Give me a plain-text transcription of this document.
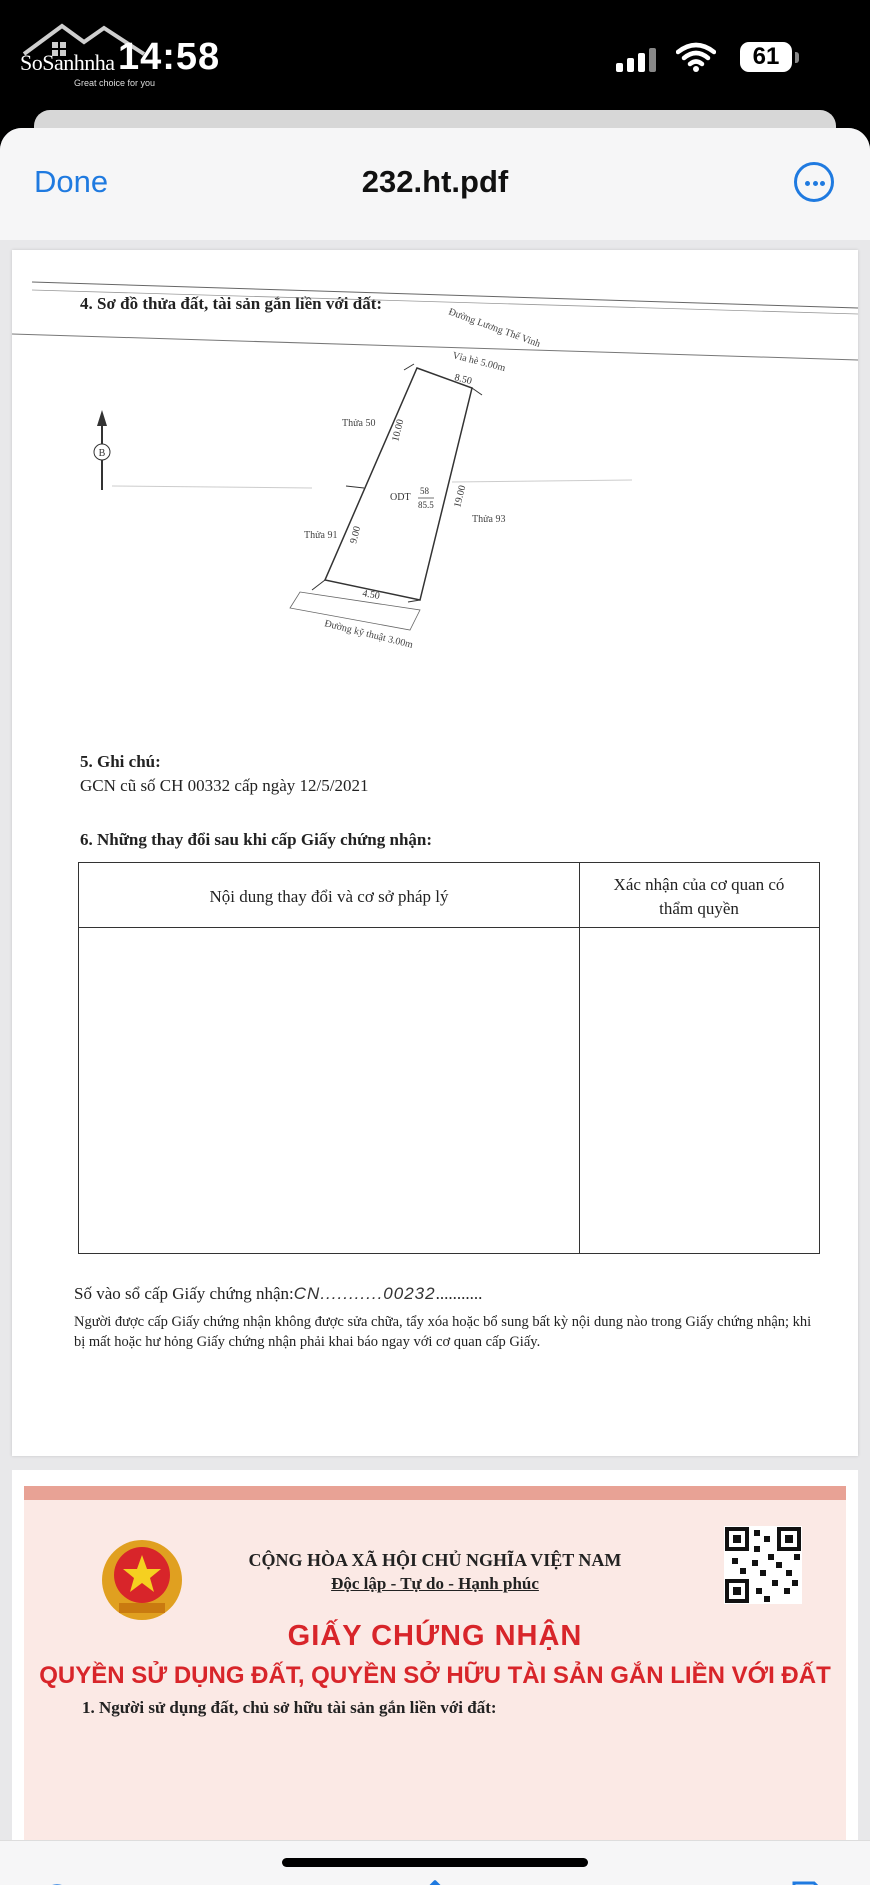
SoSanhnha
Great choice for you
14:58	61
Done	232.ht.pdf
4. Sơ đồ thửa đất, tài sản gắn liền với đất:
B
Đường Lương Thế Vinh
Vỉa hè 5.00m
8.50
10.00
19.00
9.00
4.50
ODT
58
85.5
Thửa 50
Thửa 91
Thửa 93
Đường kỹ thuật 3.00m
5. Ghi chú:
GCN cũ số CH 00332 cấp ngày 12/5/2021
6. Những thay đổi sau khi cấp Giấy chứng nhận:
Nội dung thay đổi và cơ sở pháp lý
Xác nhận của cơ quan có thẩm quyền
Số vào sổ cấp Giấy chứng nhận:CN...........00232...........
Người được cấp Giấy chứng nhận không được sửa chữa, tẩy xóa hoặc bổ sung bất kỳ nội dung nào trong Giấy chứng nhận; khi bị mất hoặc hư hỏng Giấy chứng nhận phải khai báo ngay với cơ quan cấp Giấy.
CỘNG HÒA XÃ HỘI CHỦ NGHĨA VIỆT NAM
Độc lập - Tự do - Hạnh phúc
GIẤY CHỨNG NHẬN
QUYỀN SỬ DỤNG ĐẤT, QUYỀN SỞ HỮU TÀI SẢN GẮN LIỀN VỚI ĐẤT
1. Người sử dụng đất, chủ sở hữu tài sản gắn liền với đất:
